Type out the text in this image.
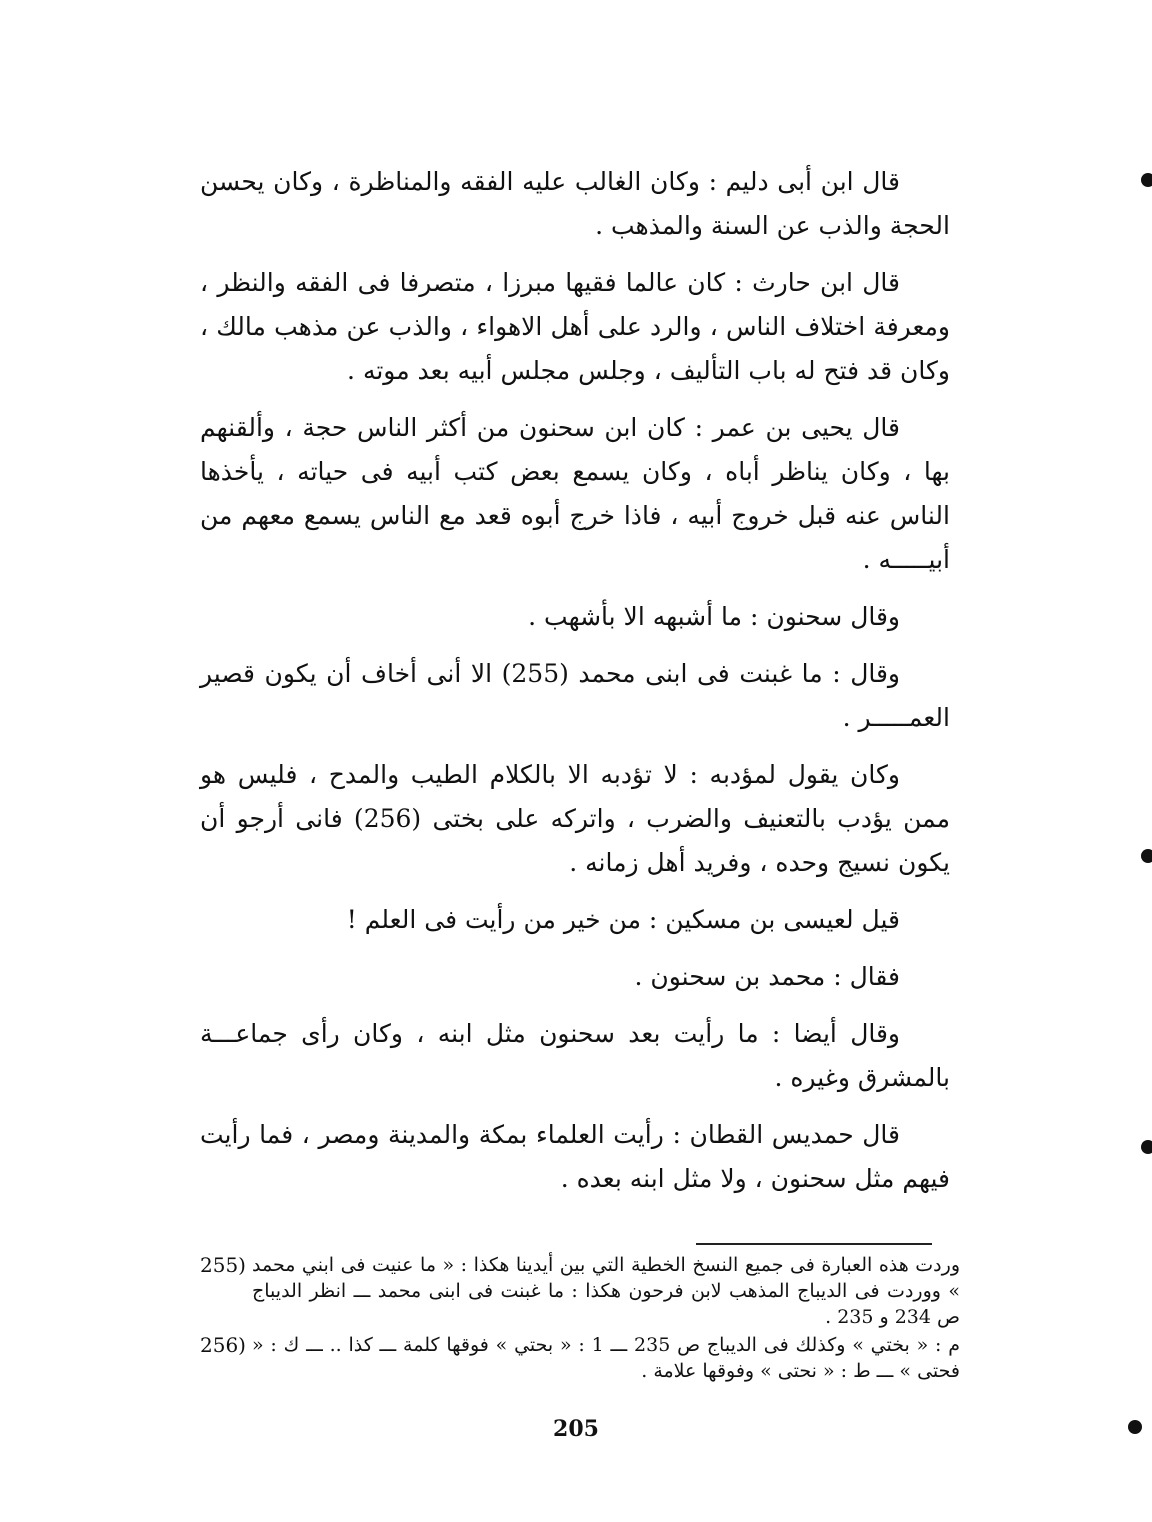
قال ابن أبى دليم : وكان الغالب عليه الفقه والمناظرة ، وكان يحسن الحجة والذب عن السنة والمذهب .

قال ابن حارث : كان عالما فقيها مبرزا ، متصرفا فى الفقه والنظر ، ومعرفة اختلاف الناس ، والرد على أهل الاهواء ، والذب عن مذهب مالك ، وكان قد فتح له باب التأليف ، وجلس مجلس أبيه بعد موته .

قال يحيى بن عمر : كان ابن سحنون من أكثر الناس حجة ، وألقنهم بها ، وكان يناظر أباه ، وكان يسمع بعض كتب أبيه فى حياته ، يأخذها الناس عنه قبل خروج أبيه ، فاذا خرج أبوه قعد مع الناس يسمع معهم من أبيـــــه .

وقال سحنون : ما أشبهه الا بأشهب .

وقال : ما غبنت فى ابنى محمد (255) الا أنى أخاف أن يكون قصير العمـــــر .

وكان يقول لمؤدبه : لا تؤدبه الا بالكلام الطيب والمدح ، فليس هو ممن يؤدب بالتعنيف والضرب ، واتركه على بختى (256) فانى أرجو أن يكون نسيج وحده ، وفريد أهل زمانه .

قيل لعيسى بن مسكين : من خير من رأيت فى العلم !

فقال : محمد بن سحنون .

وقال أيضا : ما رأيت بعد سحنون مثل ابنه ، وكان رأى جماعـــة بالمشرق وغيره .

قال حمديس القطان : رأيت العلماء بمكة والمدينة ومصر ، فما رأيت فيهم مثل سحنون ، ولا مثل ابنه بعده .

وردت هذه العبارة فى جميع النسخ الخطية التي بين أيدينا هكذا : « ما عنيت فى ابني محمد » ووردت فى الديباج المذهب لابن فرحون هكذا : ما غبنت فى ابنى محمد ـــ انظر الديباج ص 234 و 235 .
255)
م : « بختي » وكذلك فى الديباج ص 235 ـــ 1 : « بحتي » فوقها كلمة ـــ كذا .. ـــ ك : « فحتى » ـــ ط : « نحتى » وفوقها علامة .
256)
205
